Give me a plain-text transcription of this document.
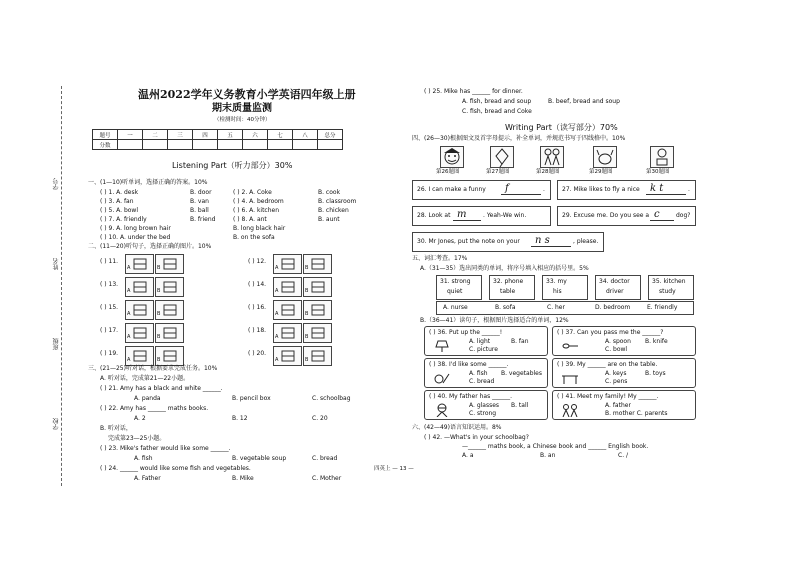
学号
姓名
班级
学校
温州2022学年义务教育小学英语四年级上册
期末质量监测
（检测时间：40分钟）
题号	一	二	三	四	五	六	七	八	总分
分数									
Listening Part（听力部分）30%
一、(1—10)听单词，选择正确的答案。10%
( ) 1. A. desk	B. door	( ) 2. A. Coke	B. cook
( ) 3. A. fan	B. van	( ) 4. A. bedroom	B. classroom
( ) 5. A. bowl	B. ball	( ) 6. A. kitchen	B. chicken
( ) 7. A. friendly	B. friend	( ) 8. A. ant	B. aunt
( ) 9. A. long brown hair	B. long black hair
( ) 10. A. under the bed	B. on the sofa
二、(11—20)听句子，选择正确的图片。10%
( ) 11.	( ) 12.
( ) 13.	( ) 14.
( ) 15.	( ) 16.
( ) 17.	( ) 18.
( ) 19.	( ) 20.
A	B	A	B
A	B	A	B
A	B	A	B
A	B	A	B
A	B	A	B
三、(21—25)听对话，根据要求完成任务。10%
A. 听对话，完成第21—22小题。
( ) 21. Amy has a black and white ______.
A. panda	B. pencil box	C. schoolbag
( ) 22. Amy has ______ maths books.
A. 2	B. 12	C. 20
B. 听对话，
完成第23—25小题。
( ) 23. Mike's father would like some ______.
A. fish	B. vegetable soup	C. bread
( ) 24. ______ would like some fish and vegetables.
A. Father	B. Mike	C. Mother
( ) 25. Mike has ______ for dinner.
A. fish, bread and soup	B. beef, bread and soup
C. fish, bread and Coke
Writing Part（读写部分）70%
四、(26—30)根据图文及首字母提示，补全单词，并规范书写于四线格中。10%
第26题图	第27题图	第28题图	第29题图	第30题图
26. I can make a funny f	.	27. Mike likes to fly a nice k t	.
28. Look at m	. Yeah-We win.	29. Excuse me. Do you see a c	dog?
30. Mr Jones, put the note on your n s	, please.
五、词汇考查。17%
A.（31—35）选出同类的单词，将序号填入相应的括号里。5%
31. strong
quiet
32. phone
table
33. my
his
34. doctor
driver
35. kitchen
study
A. nurse	B. sofa	C. her	D. bedroom	E. friendly
B.（36—41）读句子，根据图片选择适合的单词，12%
( ) 36. Put up the ______!
A. light	B. fan
C. picture
( ) 37. Can you pass me the ______?
A. spoon B. knife
C. bowl
( ) 38. I'd like some ______.
A. fish B. vegetables
C. bread
( ) 39. My ______ are on the table.
A. keys	B. toys
C. pens
( ) 40. My father has ______.
A. glasses B. tall
C. strong
( ) 41. Meet my family! My ______.
A. father
B. mother C. parents
六、(42—49)语言知识运用。8%
( ) 42. —What's in your schoolbag?
—______ maths book, a Chinese book and ______ English book.
A. a	B. an	C. /
四英上 — 13 —
